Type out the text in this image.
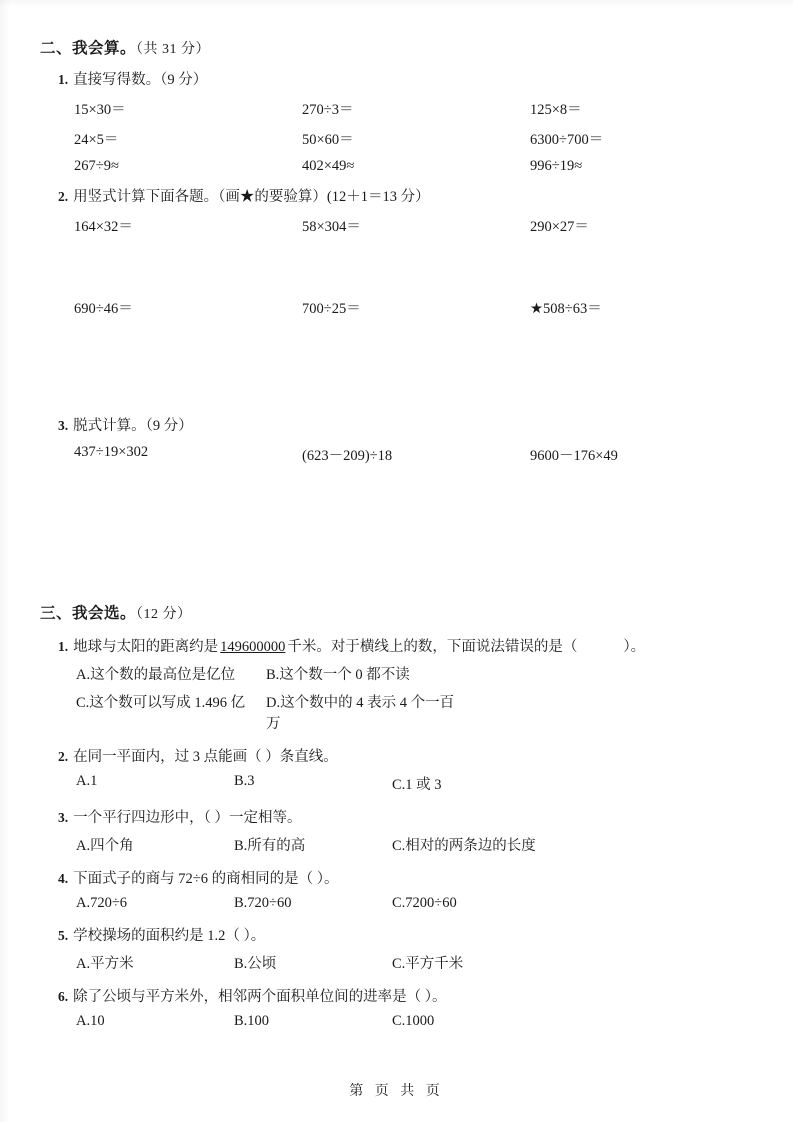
二、我会算。（共 31 分）
1. 直接写得数。（9 分）
15×30＝	270÷3＝	125×8＝
24×5＝	50×60＝	6300÷700＝
267÷9≈	402×49≈	996÷19≈
2. 用竖式计算下面各题。（画★的要验算）(12＋1＝13 分）
164×32＝	58×304＝	290×27＝
690÷46＝	700÷25＝	★508÷63＝
3. 脱式计算。（9 分）
437÷19×302	(623－209)÷18	9600－176×49
三、我会选。（12 分）
1. 地球与太阳的距离约是 149600000 千米。对于横线上的数，下面说法错误的是（	）。
A.这个数的最高位是亿位	B.这个数一个 0 都不读
C.这个数可以写成 1.496 亿	D.这个数中的 4 表示 4 个一百万
2. 在同一平面内，过 3 点能画（ ）条直线。
A.1	B.3	C.1 或 3
3. 一个平行四边形中，（ ）一定相等。
A.四个角	B.所有的高	C.相对的两条边的长度
4. 下面式子的商与 72÷6 的商相同的是（ ）。
A.720÷6	B.720÷60	C.7200÷60
5. 学校操场的面积约是 1.2（ ）。
A.平方米	B.公顷	C.平方千米
6. 除了公顷与平方米外，相邻两个面积单位间的进率是（ ）。
A.10	B.100	C.1000
第 页 共 页
